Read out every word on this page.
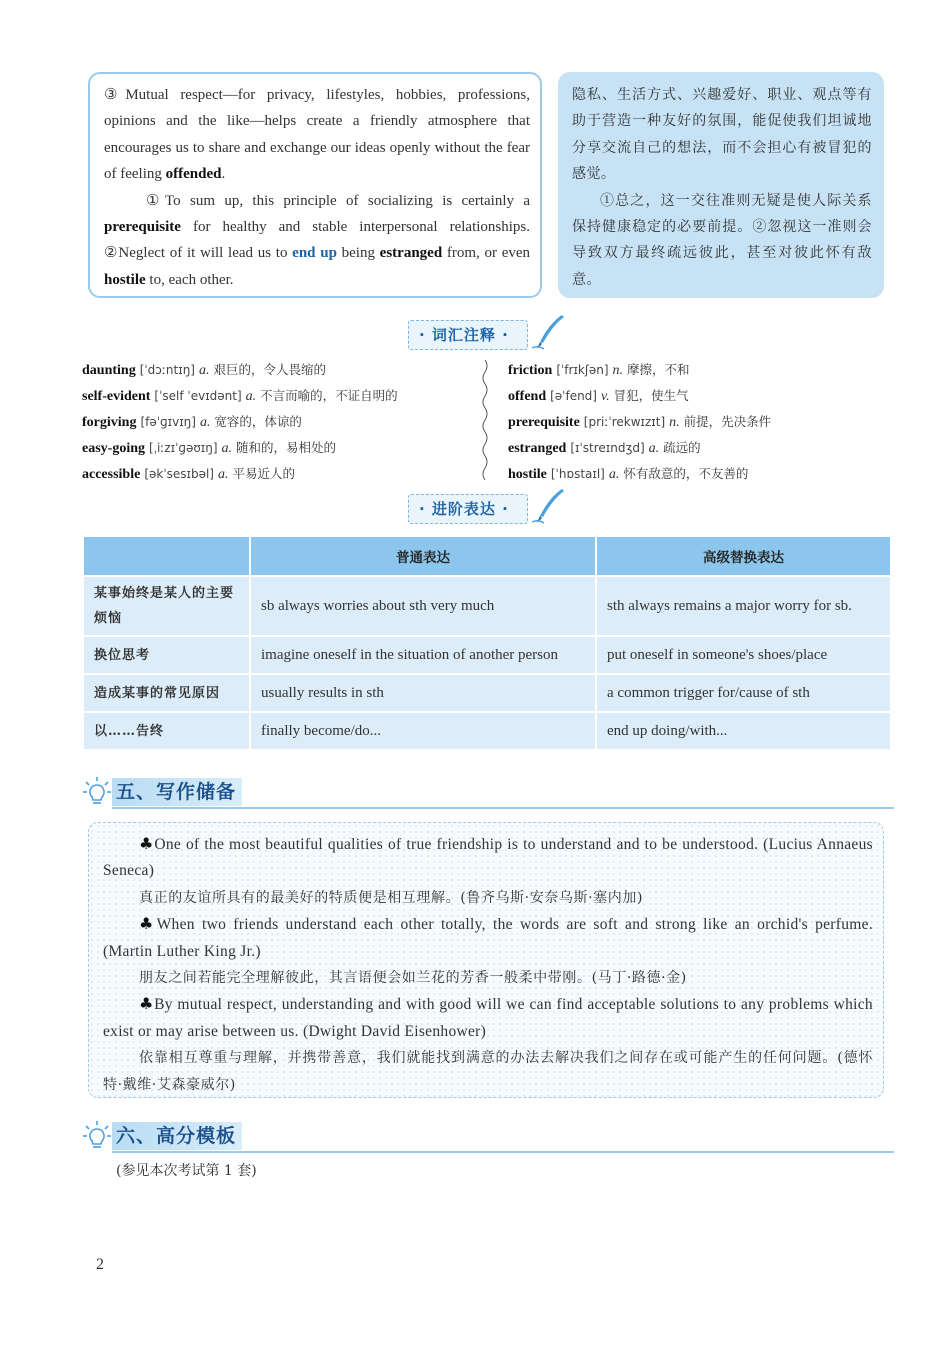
③Mutual respect—for privacy, lifestyles, hobbies, professions, opinions and the like—helps create a friendly atmosphere that encourages us to share and exchange our ideas openly without the fear of feeling offended.

①To sum up, this principle of socializing is certainly a prerequisite for healthy and stable interpersonal relationships. ②Neglect of it will lead us to end up being estranged from, or even hostile to, each other.

隐私、生活方式、兴趣爱好、职业、观点等有助于营造一种友好的氛围，能促使我们坦诚地分享交流自己的想法，而不会担心有被冒犯的感觉。

①总之，这一交往准则无疑是使人际关系保持健康稳定的必要前提。②忽视这一准则会导致双方最终疏远彼此，甚至对彼此怀有敌意。

· 词汇注释 ·
daunting [ˈdɔːntɪŋ] a. 艰巨的，令人畏缩的
self-evident [ˈself ˈevɪdənt] a. 不言而喻的，不证自明的
forgiving [fəˈɡɪvɪŋ] a. 宽容的，体谅的
easy-going [ˌiːzɪˈɡəʊɪŋ] a. 随和的，易相处的
accessible [əkˈsesɪbəl] a. 平易近人的
friction [ˈfrɪkʃən] n. 摩擦，不和
offend [əˈfend] v. 冒犯，使生气
prerequisite [priːˈrekwɪzɪt] n. 前提，先决条件
estranged [ɪˈstreɪndʒd] a. 疏远的
hostile [ˈhɒstaɪl] a. 怀有敌意的，不友善的
· 进阶表达 ·
	普通表达	高级替换表达
某事始终是某人的主要烦恼	sb always worries about sth very much	sth always remains a major worry for sb.
换位思考	imagine oneself in the situation of another person	put oneself in someone's shoes/place
造成某事的常见原因	usually results in sth	a common trigger for/cause of sth
以……告终	finally become/do...	end up doing/with...
五、写作储备

♣One of the most beautiful qualities of true friendship is to understand and to be understood. (Lucius Annaeus Seneca)

真正的友谊所具有的最美好的特质便是相互理解。(鲁齐乌斯·安奈乌斯·塞内加)

♣When two friends understand each other totally, the words are soft and strong like an orchid's perfume. (Martin Luther King Jr.)

朋友之间若能完全理解彼此，其言语便会如兰花的芳香一般柔中带刚。(马丁·路德·金)

♣By mutual respect, understanding and with good will we can find acceptable solutions to any problems which exist or may arise between us. (Dwight David Eisenhower)

依靠相互尊重与理解，并携带善意，我们就能找到满意的办法去解决我们之间存在或可能产生的任何问题。(德怀特·戴维·艾森豪威尔)

六、高分模板
(参见本次考试第 1 套)
2
